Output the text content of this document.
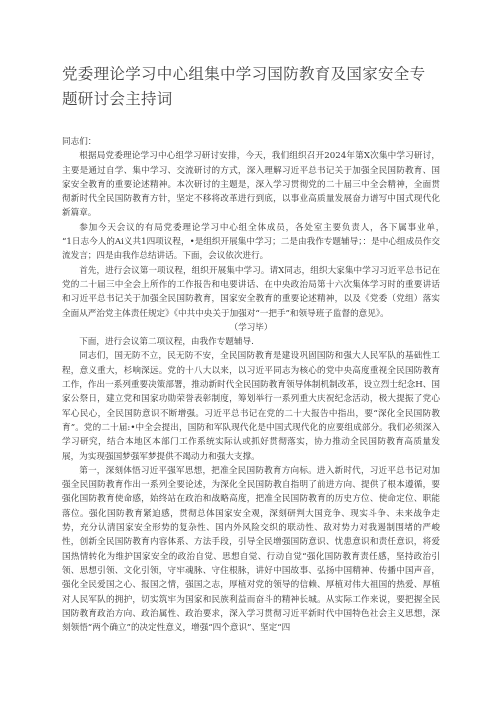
党委理论学习中心组集中学习国防教育及国家安全专题研讨会主持词

同志们：

根据局党委理论学习中心组学习研讨安排，今天，我们组织召开2024年第X次集中学习研讨，主要是通过自学、集中学习、交流研讨的方式，深入理解习近平总书记关于加强全民国防教育、国家安全教育的重要论述精神。本次研讨的主题是，深入学习贯彻党的二十届三中全会精神，全面贯彻新时代全民国防教育方针，坚定不移将改革进行到底，以事业高质量发展奋力谱写中国式现代化新篇章。

参加今天会议的有局党委理论学习中心组全体成员，各处室主要负责人，各下属事业单，　　　　“1日志今人的Ai义共1四项议程，•是组织开展集中学习；二是由我作专题辅导；：是中心组成员作交流发言；四是由我作总结讲话。下面，会议依次进行。

首先，进行会议第一项议程，组织开展集中学习。请X同志，组织大家集中学习习近平总书记在党的二十届三中全会上所作的工作报告和电要讲话、在中央政治局第十六次集体学习时的重要讲话和习近平总书记关于加强全民国防教育，国家安全教育的重要论述精神，以及《党委（党组）落实全面从严治党主体责任规定》《中共中央关于加强对“一把手”和领导班子监督的意见》。

（学习毕）

下面，进行会议第二项议程，由我作专题辅导.

同志们，国无防不立，民无防不安，全民国防教育是建设巩固国防和强大人民军队的基础性工程，意义重大，杉响深远。党的十八大以来，以习近平同志为核心的党中央高度重视全民国防教育工作，作出一系列重要决策部署，推动新时代全民国防教育领导体制机制改革，设立烈士纪念H、国家公祭日，建立党和国家功勋荣誉表彰制度，筹划举行一系列重大庆祝纪念活动，极大提振了党心军心民心，全民国防意识不断增强。习近平总书记在党的二十大报告中指出，要“深化全民国防教育”。党的二十届:•中全会提出，国防和军队现代化是中国式现代化的应要组成部分。我们必须深入学习研究，结合本地区本部门工作系统实际认或抓好贯彻落实，协力推动全民国防教育高质量发展，为实现强国梦强军梦提供不竭动力和强大支撑。

第一，深刻体悟习近平强军思想，把准全民国防教育方向标。进入新时代，习近平总书记对加强全民国防教育作出一系列全要论述，为深化全民国防教自指明了前进方向、提供了根本遵循，要强化国防教育使命感，始终站在政治和战略高度，把准全民国防教育的历史方位、使命定位、职能落位。强化国防教育紧迫感，贯彻总体国家安全观，深刻研判大国竞争、现实斗争、未来战争走势，充分认清国家安全形势的复杂性、国内外风险交织的联动性、敌对势力对我遏制围堵的严峻性，创新全民国防教育内容体系、方法手段，引导全民增强国防意识、忧患意识和责任意识，将爱国热情转化为维护国家安全的政治自觉、思想自觉、行动自觉“强化国防教育责任感，坚持政治引领、思想引领、文化引领，守牢魂脉、守住根脉，讲好中国故事、弘扬中国精神、传播中国声音，强化全民爱国之心、报国之情，强国之志，厚植对党的领导的信赖、厚植对伟大祖国的热爱、厚植对人民军队的拥护，切实筑牢为国家和民族利益而奋斗的精神长城。从实际工作来说，要把握全民国防教育政治方向、政治属性、政治要求，深入学习贯彻习近平新时代中国特色社会主义思想，深刻领悟“两个确立”的决定性意义，增强“四个意识”、坚定“四
